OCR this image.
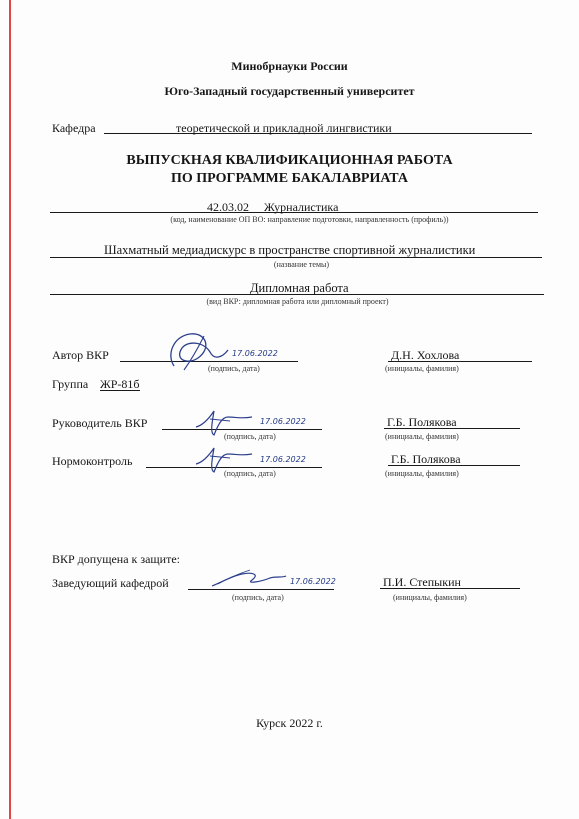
Минобрнауки России
Юго-Западный государственный университет
Кафедра	теоретической и прикладной лингвистики
ВЫПУСКНАЯ КВАЛИФИКАЦИОННАЯ РАБОТА
ПО ПРОГРАММЕ БАКАЛАВРИАТА
42.03.02 Журналистика
(код, наименование ОП ВО: направление подготовки, направленность (профиль))
Шахматный медиадискурс в пространстве спортивной журналистики
(название темы)
Дипломная работа
(вид ВКР: дипломная работа или дипломный проект)
Автор ВКР	17.06.2022
(подпись, дата)
Д.Н. Хохлова
(инициалы, фамилия)
Группа ЖР-81б
Руководитель ВКР	17.06.2022
(подпись, дата)
Г.Б. Полякова
(инициалы, фамилия)
Нормоконтроль	17.06.2022
(подпись, дата)
Г.Б. Полякова
(инициалы, фамилия)
ВКР допущена к защите:
Заведующий кафедрой	17.06.2022
(подпись, дата)
П.И. Степыкин
(инициалы, фамилия)
Курск 2022 г.
